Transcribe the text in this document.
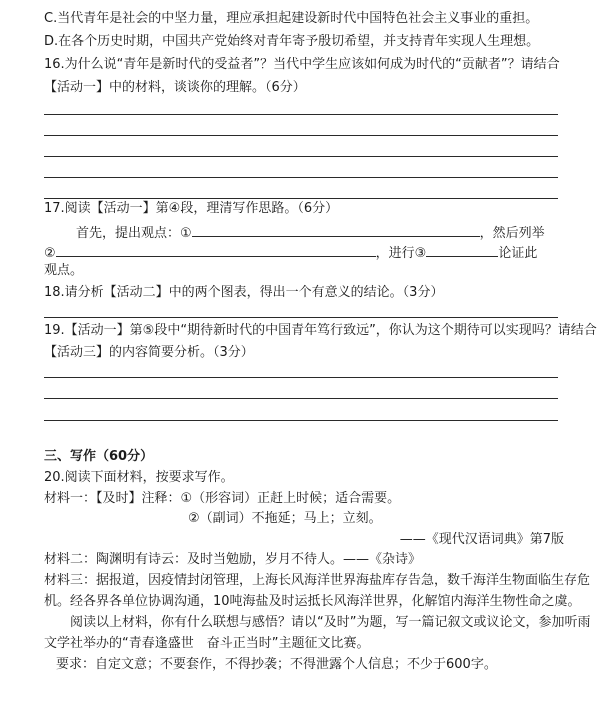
C.当代青年是社会的中坚力量，理应承担起建设新时代中国特色社会主义事业的重担。
D.在各个历史时期，中国共产党始终对青年寄予殷切希望，并支持青年实现人生理想。
16.为什么说“青年是新时代的受益者”？当代中学生应该如何成为时代的“贡献者”？请结合
【活动一】中的材料，谈谈你的理解。（6分）
17.阅读【活动一】第④段，理清写作思路。（6分）
首先，提出观点：①	，然后列举
②	，进行③	论证此
观点。
18.请分析【活动二】中的两个图表，得出一个有意义的结论。（3分）
19.【活动一】第⑤段中“期待新时代的中国青年笃行致远”，你认为这个期待可以实现吗？请结合
【活动三】的内容简要分析。（3分）
三、写作（60分）
20.阅读下面材料，按要求写作。
材料一：【及时】注释：①（形容词）正赶上时候；适合需要。
②（副词）不拖延；马上；立刻。
——《现代汉语词典》第7版
材料二：陶渊明有诗云：及时当勉励，岁月不待人。——《杂诗》
材料三：据报道，因疫情封闭管理，上海长风海洋世界海盐库存告急，数千海洋生物面临生存危
机。经各界各单位协调沟通，10吨海盐及时运抵长风海洋世界，化解馆内海洋生物性命之虞。
阅读以上材料，你有什么联想与感悟？请以“及时”为题，写一篇记叙文或议论文，参加听雨
文学社举办的“青春逢盛世　奋斗正当时”主题征文比赛。
要求：自定文意；不要套作，不得抄袭；不得泄露个人信息；不少于600字。
